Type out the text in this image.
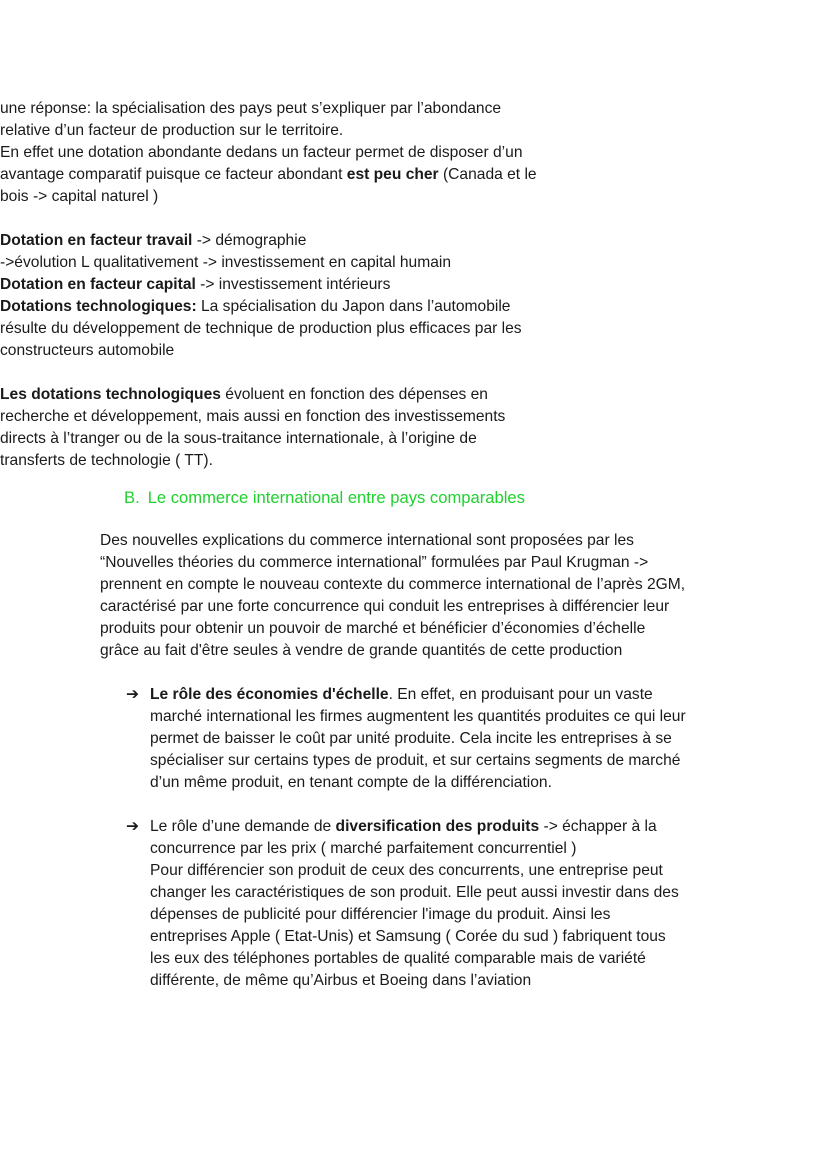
une réponse: la spécialisation des pays peut s’expliquer par l’abondance

relative d’un facteur de production sur le territoire.

En effet une dotation abondante dedans un facteur permet de disposer d’un

avantage comparatif puisque ce facteur abondant est peu cher (Canada et le

bois -> capital naturel )

Dotation en facteur travail -> démographie

->évolution L qualitativement -> investissement en capital humain

Dotation en facteur capital -> investissement intérieurs

Dotations technologiques: La spécialisation du Japon dans l’automobile

résulte du développement de technique de production plus efficaces par les

constructeurs automobile

Les dotations technologiques évoluent en fonction des dépenses en

recherche et développement, mais aussi en fonction des investissements

directs à l’tranger ou de la sous-traitance internationale, à l’origine de

transferts de technologie ( TT).

B. Le commerce international entre pays comparables

Des nouvelles explications du commerce international sont proposées par les

“Nouvelles théories du commerce international” formulées par Paul Krugman ->

prennent en compte le nouveau contexte du commerce international de l’après 2GM,

caractérisé par une forte concurrence qui conduit les entreprises à différencier leur

produits pour obtenir un pouvoir de marché et bénéficier d’économies d’échelle

grâce au fait d'être seules à vendre de grande quantités de cette production

➔ Le rôle des économies d'échelle. En effet, en produisant pour un vaste

marché international les firmes augmentent les quantités produites ce qui leur

permet de baisser le coût par unité produite. Cela incite les entreprises à se

spécialiser sur certains types de produit, et sur certains segments de marché

d’un même produit, en tenant compte de la différenciation.

➔ Le rôle d’une demande de diversification des produits -> échapper à la

concurrence par les prix ( marché parfaitement concurrentiel )

Pour différencier son produit de ceux des concurrents, une entreprise peut

changer les caractéristiques de son produit. Elle peut aussi investir dans des

dépenses de publicité pour différencier l'image du produit. Ainsi les

entreprises Apple ( Etat-Unis) et Samsung ( Corée du sud ) fabriquent tous

les eux des téléphones portables de qualité comparable mais de variété

différente, de même qu’Airbus et Boeing dans l’aviation
